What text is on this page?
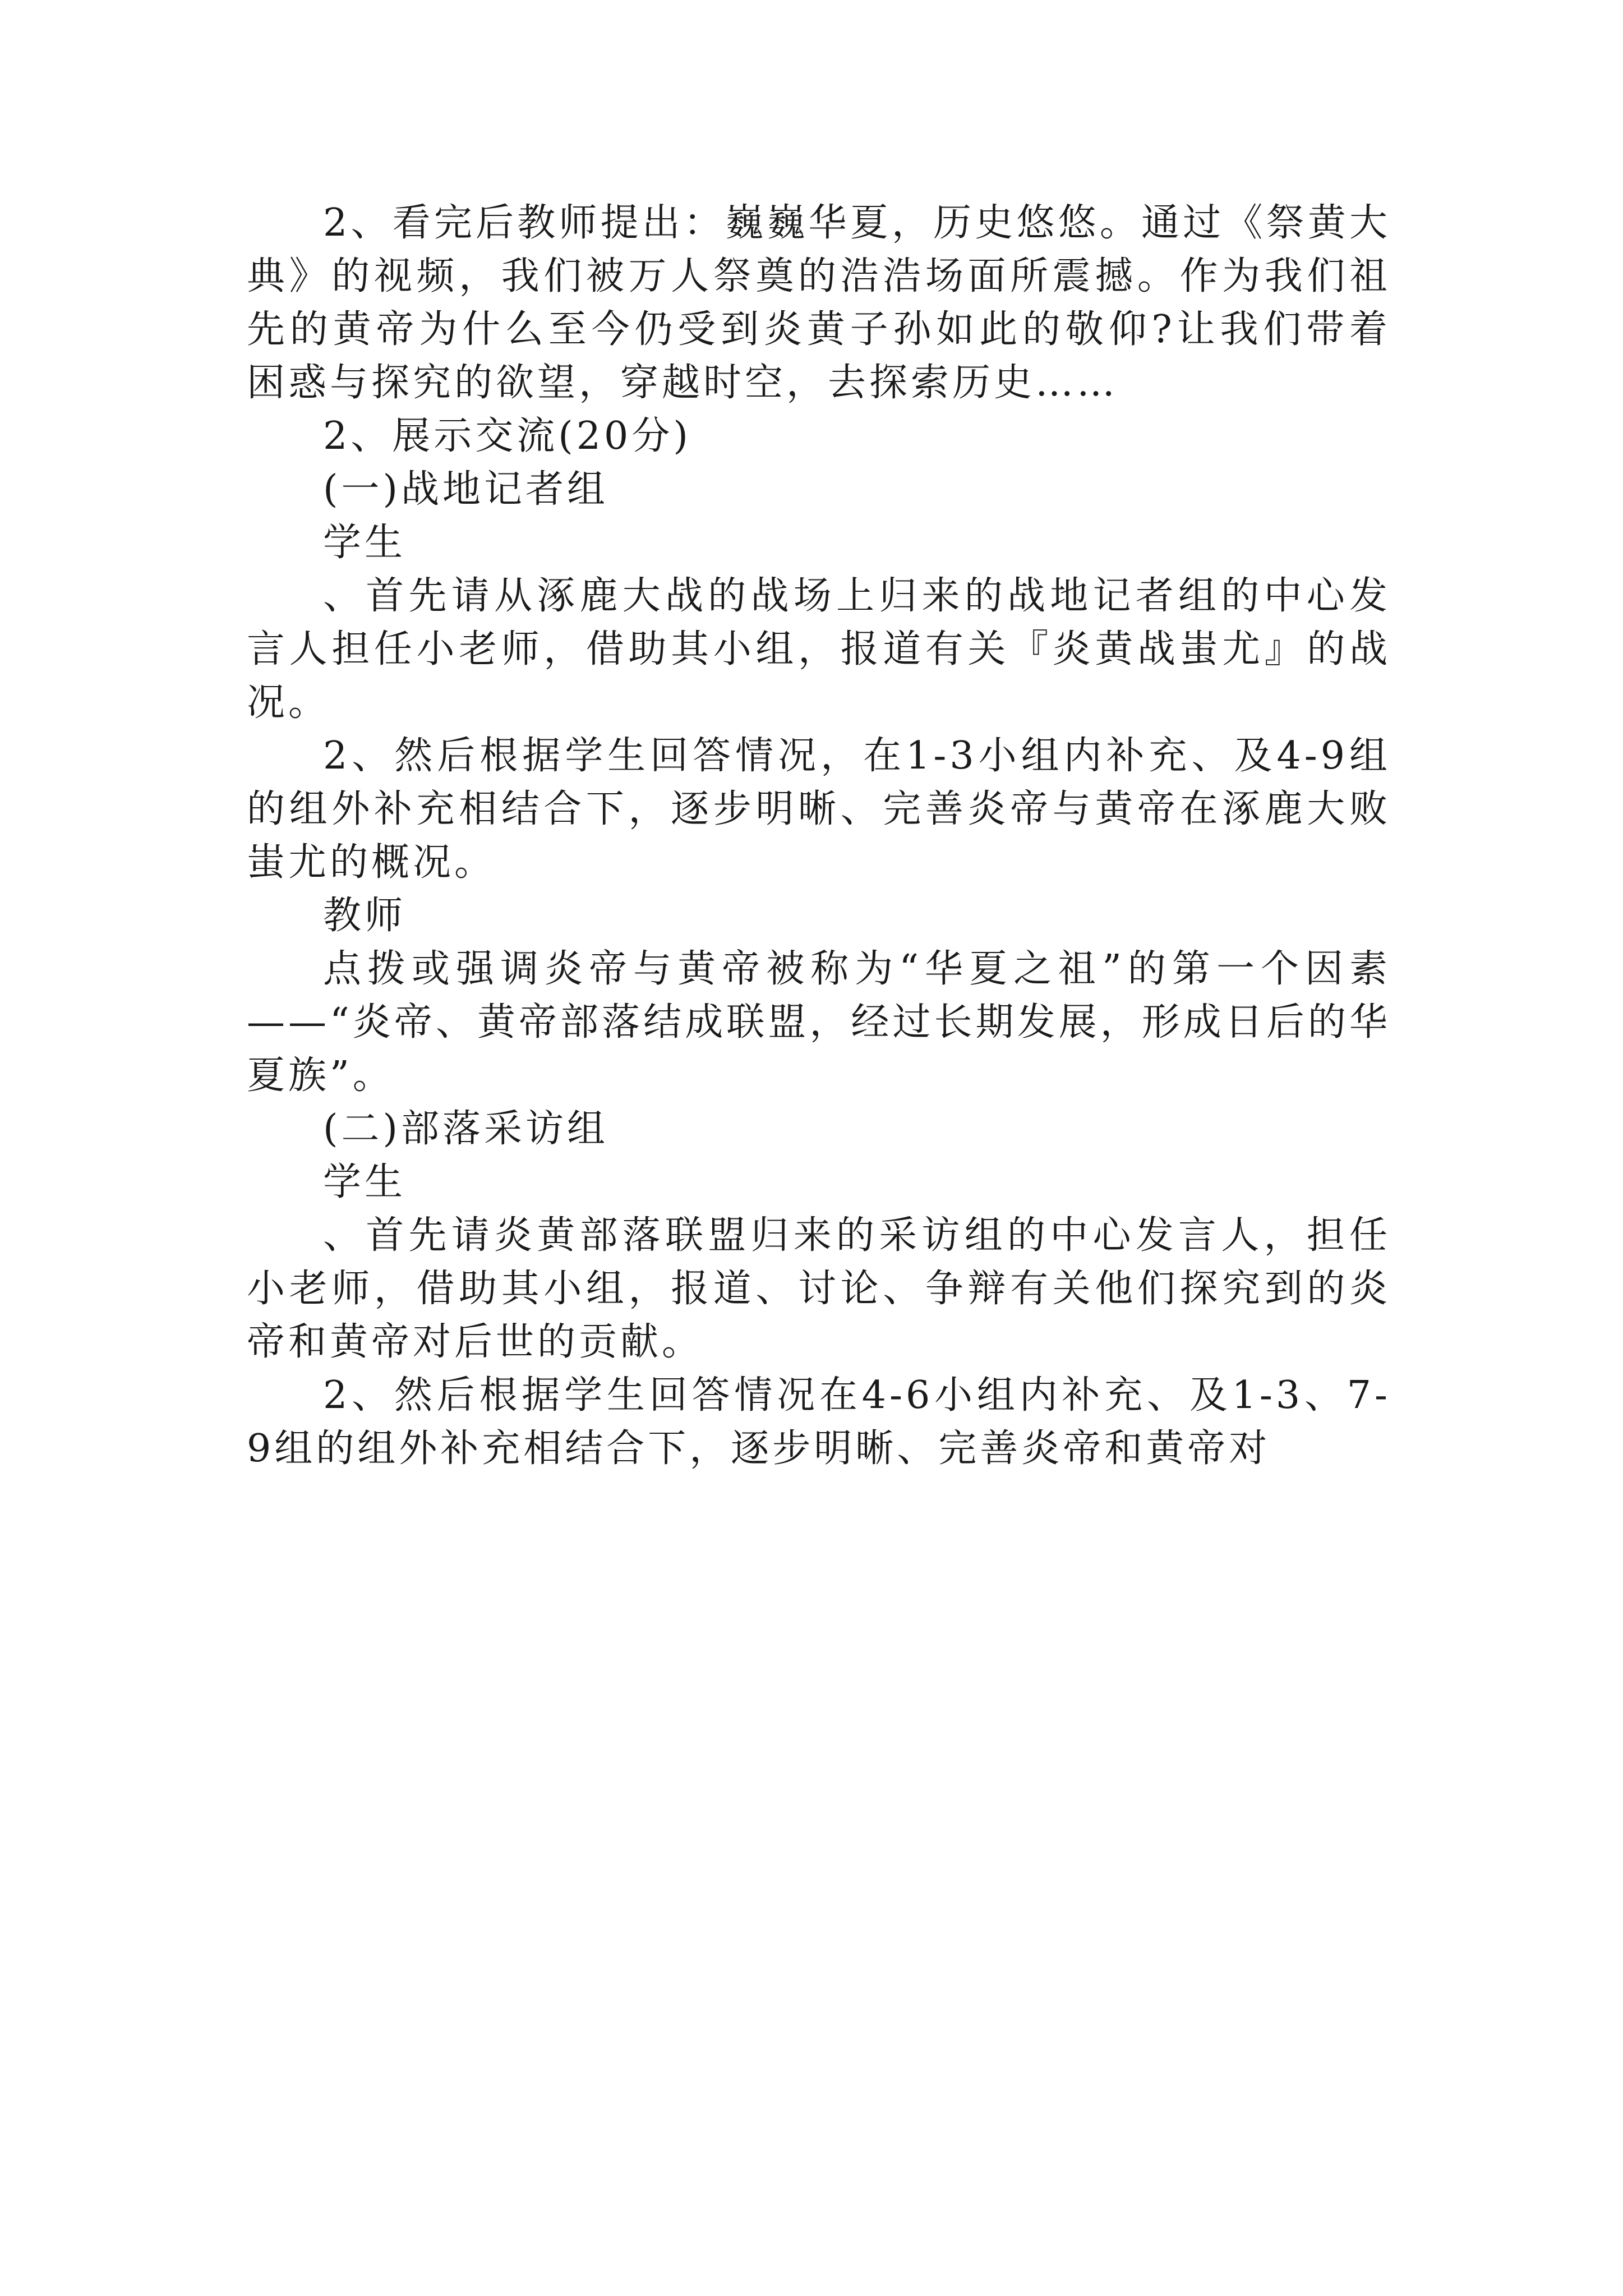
2、看完后教师提出：巍巍华夏，历史悠悠。通过《祭黄大典》的视频，我们被万人祭奠的浩浩场面所震撼。作为我们祖先的黄帝为什么至今仍受到炎黄子孙如此的敬仰?让我们带着困惑与探究的欲望，穿越时空，去探索历史……

2、展示交流(20分)

(一)战地记者组

学生

、首先请从涿鹿大战的战场上归来的战地记者组的中心发言人担任小老师，借助其小组，报道有关『炎黄战蚩尤』的战况。

2、然后根据学生回答情况，在1-3小组内补充、及4-9组的组外补充相结合下，逐步明晰、完善炎帝与黄帝在涿鹿大败蚩尤的概况。

教师

点拨或强调炎帝与黄帝被称为“华夏之祖”的第一个因素——“炎帝、黄帝部落结成联盟，经过长期发展，形成日后的华夏族”。

(二)部落采访组

学生

、首先请炎黄部落联盟归来的采访组的中心发言人，担任小老师，借助其小组，报道、讨论、争辩有关他们探究到的炎帝和黄帝对后世的贡献。

2、然后根据学生回答情况在4-6小组内补充、及1-3、7-9组的组外补充相结合下，逐步明晰、完善炎帝和黄帝对
